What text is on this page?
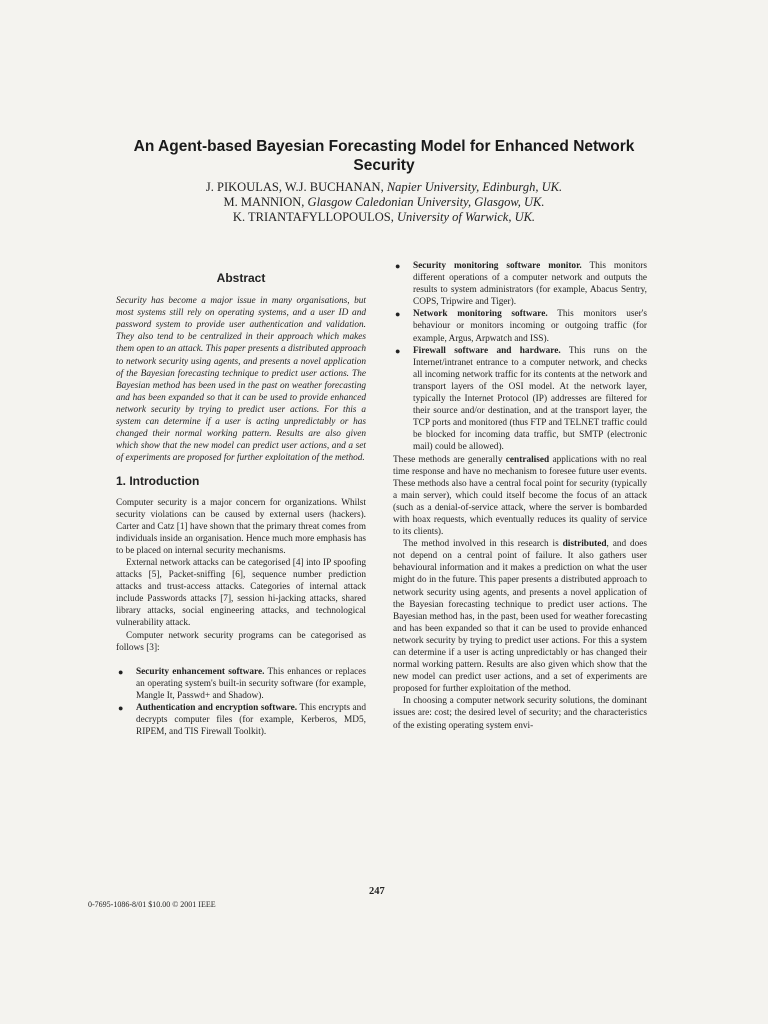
An Agent-based Bayesian Forecasting Model for Enhanced Network Security
J. PIKOULAS, W.J. BUCHANAN, Napier University, Edinburgh, UK.
M. MANNION, Glasgow Caledonian University, Glasgow, UK.
K. TRIANTAFYLLOPOULOS, University of Warwick, UK.
Abstract

Security has become a major issue in many organisations, but most systems still rely on operating systems, and a user ID and password system to provide user authentication and validation. They also tend to be centralized in their approach which makes them open to an attack. This paper presents a distributed approach to network security using agents, and presents a novel application of the Bayesian forecasting technique to predict user actions. The Bayesian method has been used in the past on weather forecasting and has been expanded so that it can be used to provide enhanced network security by trying to predict user actions. For this a system can determine if a user is acting unpredictably or has changed their normal working pattern. Results are also given which show that the new model can predict user actions, and a set of experiments are proposed for further exploitation of the method.

1. Introduction

Computer security is a major concern for organizations. Whilst security violations can be caused by external users (hackers). Carter and Catz [1] have shown that the primary threat comes from individuals inside an organisation. Hence much more emphasis has to be placed on internal security mechanisms.

External network attacks can be categorised [4] into IP spoofing attacks [5], Packet-sniffing [6], sequence number prediction attacks and trust-access attacks. Categories of internal attack include Passwords attacks [7], session hi-jacking attacks, shared library attacks, social engineering attacks, and technological vulnerability attack.

Computer network security programs can be categorised as follows [3]:

● Security enhancement software. This enhances or replaces an operating system's built-in security software (for example, Mangle It, Passwd+ and Shadow).
● Authentication and encryption software. This encrypts and decrypts computer files (for example, Kerberos, MD5, RIPEM, and TIS Firewall Toolkit).
● Security monitoring software monitor. This monitors different operations of a computer network and outputs the results to system administrators (for example, Abacus Sentry, COPS, Tripwire and Tiger).
● Network monitoring software. This monitors user's behaviour or monitors incoming or outgoing traffic (for example, Argus, Arpwatch and ISS).
● Firewall software and hardware. This runs on the Internet/intranet entrance to a computer network, and checks all incoming network traffic for its contents at the network and transport layers of the OSI model. At the network layer, typically the Internet Protocol (IP) addresses are filtered for their source and/or destination, and at the transport layer, the TCP ports and monitored (thus FTP and TELNET traffic could be blocked for incoming data traffic, but SMTP (electronic mail) could be allowed).

These methods are generally centralised applications with no real time response and have no mechanism to foresee future user events. These methods also have a central focal point for security (typically a main server), which could itself become the focus of an attack (such as a denial-of-service attack, where the server is bombarded with hoax requests, which eventually reduces its quality of service to its clients).

The method involved in this research is distributed, and does not depend on a central point of failure. It also gathers user behavioural information and it makes a prediction on what the user might do in the future. This paper presents a distributed approach to network security using agents, and presents a novel application of the Bayesian forecasting technique to predict user actions. The Bayesian method has, in the past, been used for weather forecasting and has been expanded so that it can be used to provide enhanced network security by trying to predict user actions. For this a system can determine if a user is acting unpredictably or has changed their normal working pattern. Results are also given which show that the new model can predict user actions, and a set of experiments are proposed for further exploitation of the method.

In choosing a computer network security solutions, the dominant issues are: cost; the desired level of security; and the characteristics of the existing operating system envi-

247
0-7695-1086-8/01 $10.00 © 2001 IEEE
